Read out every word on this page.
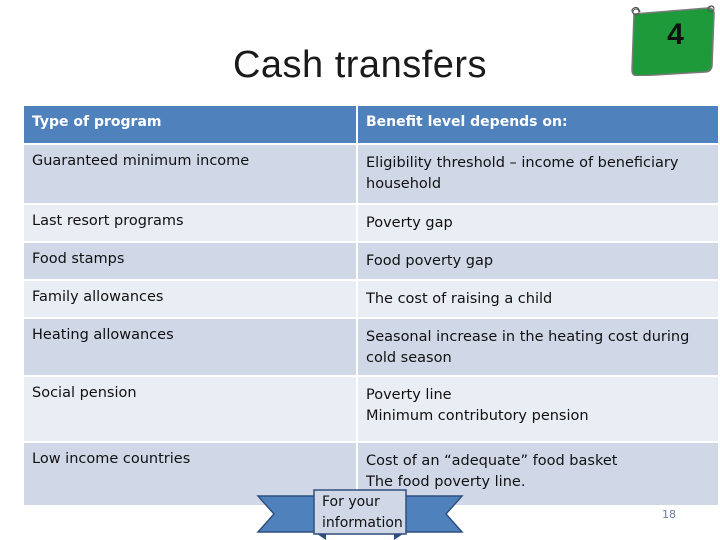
Cash transfers
4
Type of program	Benefit level depends on:
Guaranteed minimum income	Eligibility threshold – income of beneficiary household

Last resort programs	Poverty gap

Food stamps	Food poverty gap

Family allowances	The cost of raising a child

Heating allowances	Seasonal increase in the heating cost during cold season

Social pension	Poverty line
Minimum contributory pension

Low income countries	Cost of an “adequate” food basket
The food poverty line.
For your information
18
